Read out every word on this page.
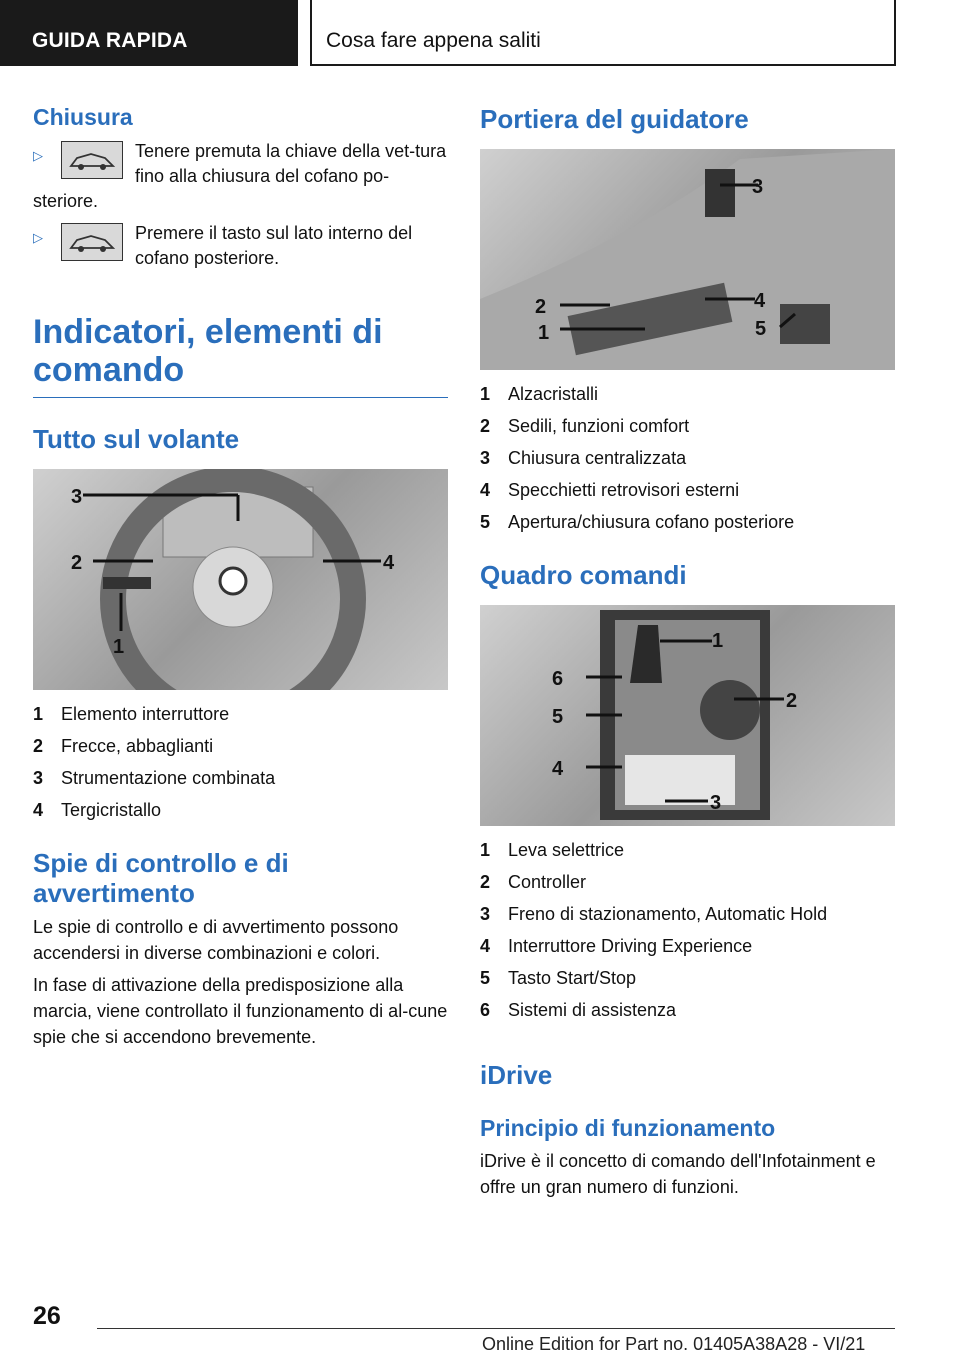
GUIDA RAPIDA	Cosa fare appena saliti
Chiusura
▷	Tenere premuta la chiave della vet-tura fino alla chiusura del cofano po-steriore.
▷	Premere il tasto sul lato interno del cofano posteriore.
Indicatori, elementi di comando
Tutto sul volante
3
2	4
1
1 Elemento interruttore
2 Frecce, abbaglianti
3 Strumentazione combinata
4 Tergicristallo
Spie di controllo e di avvertimento

Le spie di controllo e di avvertimento possono accendersi in diverse combinazioni e colori.

In fase di attivazione della predisposizione alla marcia, viene controllato il funzionamento di al-cune spie che si accendono brevemente.

Portiera del guidatore
3
2
1
4
5
1 Alzacristalli
2 Sedili, funzioni comfort
3 Chiusura centralizzata
4 Specchietti retrovisori esterni
5 Apertura/chiusura cofano posteriore
Quadro comandi
1
2
3
4
5
6
1 Leva selettrice
2 Controller
3 Freno di stazionamento, Automatic Hold
4 Interruttore Driving Experience
5 Tasto Start/Stop
6 Sistemi di assistenza
iDrive
Principio di funzionamento

iDrive è il concetto di comando dell'Infotainment e offre un gran numero di funzioni.

26
Online Edition for Part no. 01405A38A28 - VI/21
